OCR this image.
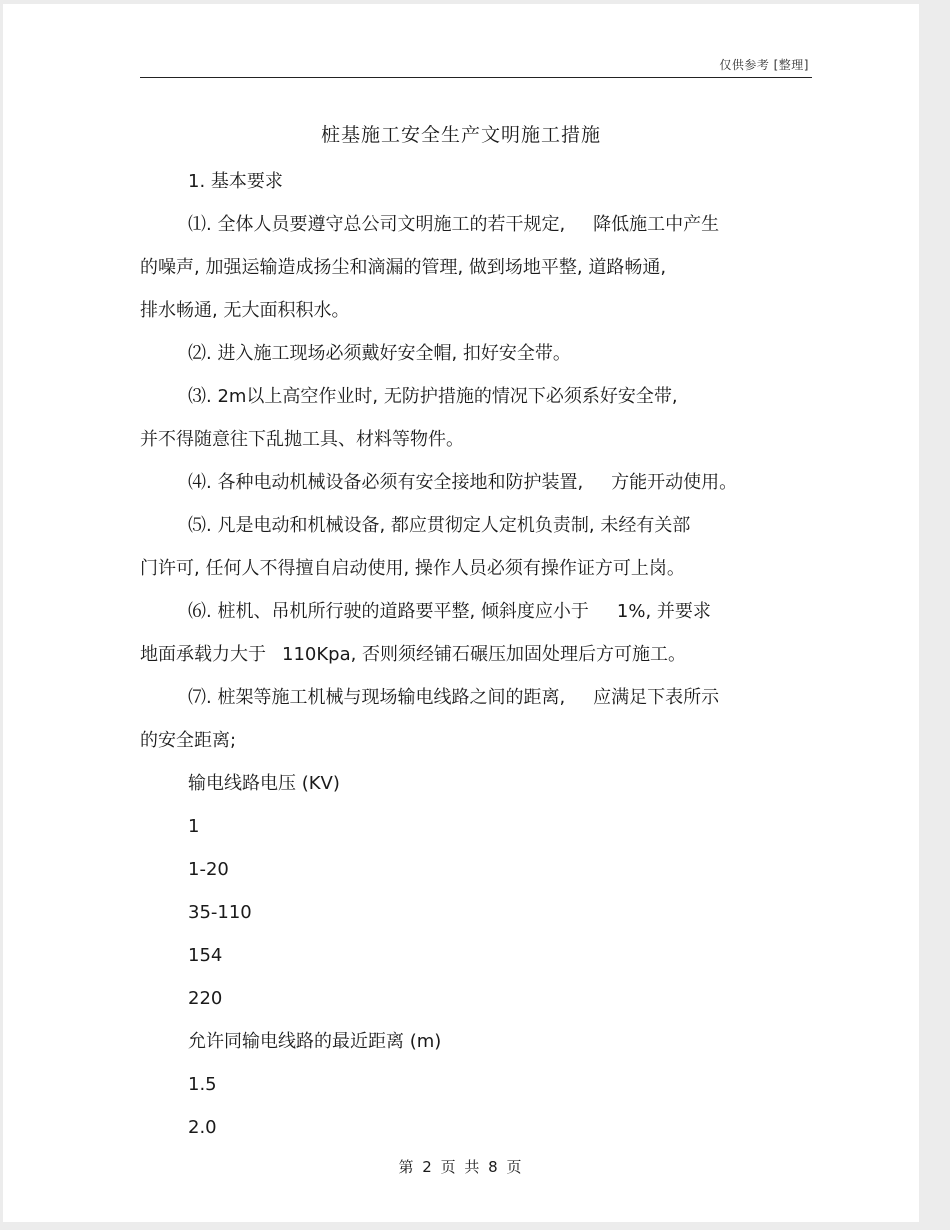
仅供参考 [整理]
桩基施工安全生产文明施工措施
1. 基本要求
⑴. 全体人员要遵守总公司文明施工的若干规定, 降低施工中产生
的噪声, 加强运输造成扬尘和滴漏的管理, 做到场地平整, 道路畅通,
排水畅通, 无大面积积水。
⑵. 进入施工现场必须戴好安全帽, 扣好安全带。
⑶. 2m以上高空作业时, 无防护措施的情况下必须系好安全带,
并不得随意往下乱抛工具、材料等物件。
⑷. 各种电动机械设备必须有安全接地和防护装置, 方能开动使用。
⑸. 凡是电动和机械设备, 都应贯彻定人定机负责制, 未经有关部
门许可, 任何人不得擅自启动使用, 操作人员必须有操作证方可上岗。
⑹. 桩机、吊机所行驶的道路要平整, 倾斜度应小于 1%, 并要求
地面承载力大于 110Kpa, 否则须经铺石碾压加固处理后方可施工。
⑺. 桩架等施工机械与现场输电线路之间的距离, 应满足下表所示
的安全距离;
输电线路电压 (KV)
1
1-20
35-110
154
220
允许同输电线路的最近距离 (m)
1.5
2.0
第 2 页 共 8 页
